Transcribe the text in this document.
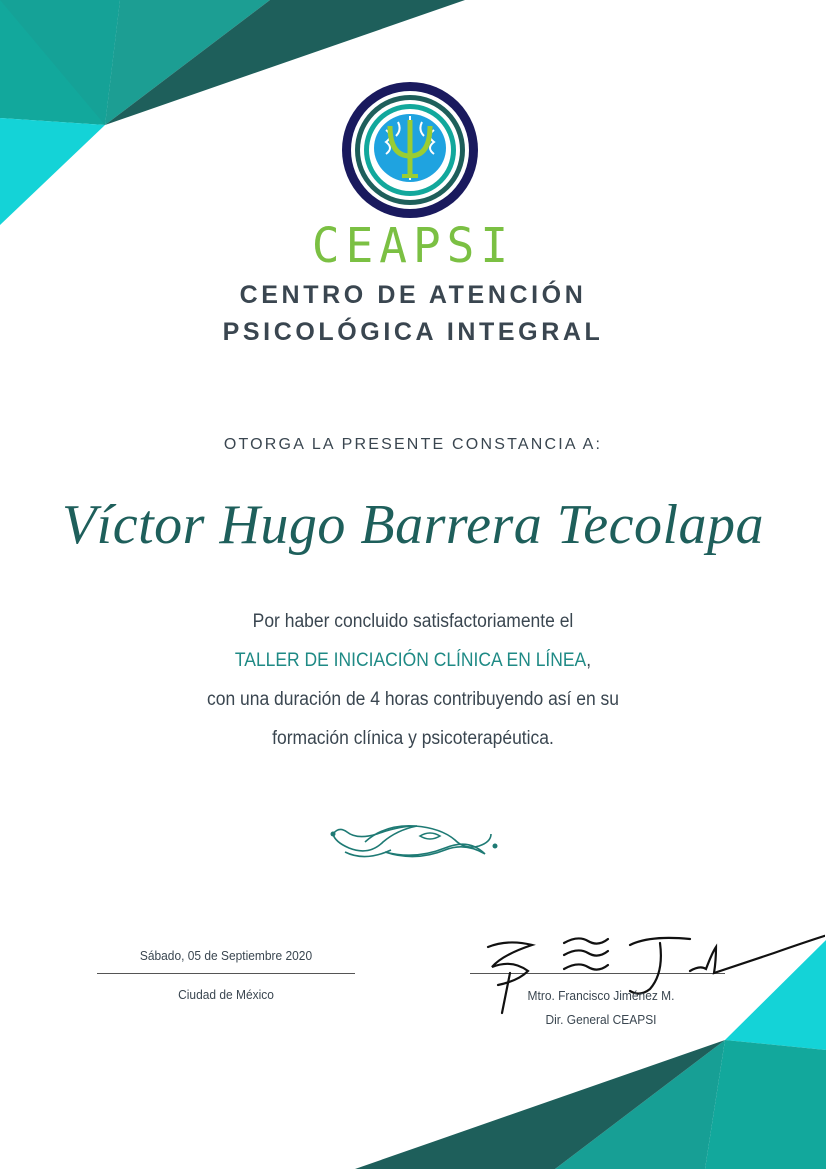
CEAPSI
CENTRO DE ATENCIÓN
PSICOLÓGICA INTEGRAL
OTORGA LA PRESENTE CONSTANCIA A:
Víctor Hugo Barrera Tecolapa
Por haber concluido satisfactoriamente el
TALLER DE INICIACIÓN CLÍNICA EN LÍNEA,
con una duración de 4 horas contribuyendo así en su
formación clínica y psicoterapéutica.
Sábado, 05 de Septiembre 2020
Ciudad de México	Mtro. Francisco Jiménez M.
Dir. General CEAPSI
